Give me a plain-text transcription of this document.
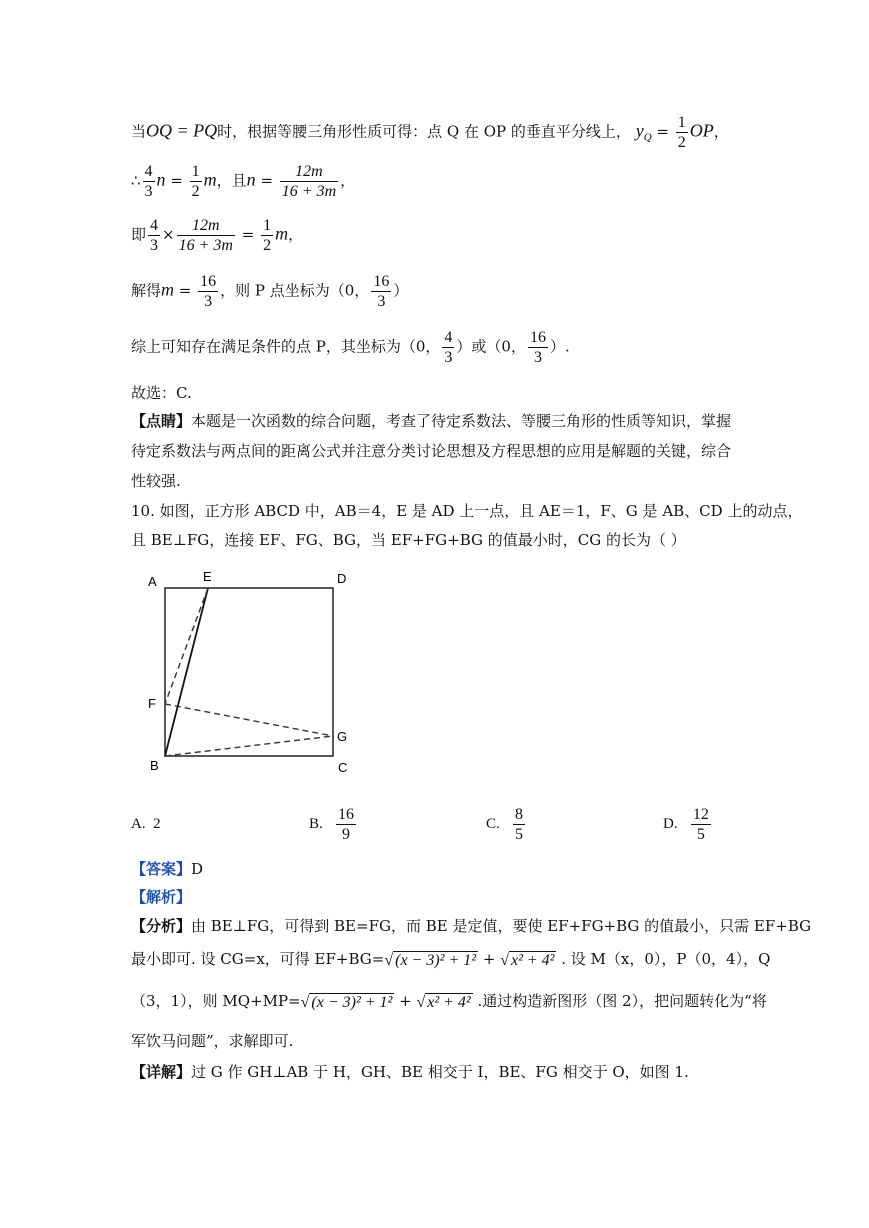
当OQ = PQ时，根据等腰三角形性质可得：点 Q 在 OP 的垂直平分线上， $y_Q = \frac{1}{2}$ OP，
∴ $\frac{4}{3}$ $n = \frac{1}{2}$ m，且$n = \frac{12m}{16 + 3m}$ ，
即 $\frac{4}{3} \times \frac{12m}{16 + 3m} = \frac{1}{2}$ m，
解得$m = \frac{16}{3}$ ，则 P 点坐标为（0， $\frac{16}{3}$ ）
综上可知存在满足条件的点 P，其坐标为（0， $\frac{4}{3}$ ）或（0， $\frac{16}{3}$ ）.
故选：C.
【点睛】本题是一次函数的综合问题，考查了待定系数法、等腰三角形的性质等知识，掌握
待定系数法与两点间的距离公式并注意分类讨论思想及方程思想的应用是解题的关键，综合
性较强.
10. 如图，正方形 ABCD 中，AB＝4，E 是 AD 上一点，且 AE＝1，F、G 是 AB、CD 上的动点，
且 BE⊥FG，连接 EF、FG、BG，当 EF+FG+BG 的值最小时，CG 的长为（ ）
A	E	D
F
G
B	C
A. 2	B. $\frac{16}{9}$	C. $\frac{8}{5}$	D. $\frac{12}{5}$
【答案】D
【解析】
【分析】由 BE⊥FG，可得到 BE=FG，而 BE 是定值，要使 EF+FG+BG 的值最小，只需 EF+BG
最小即可. 设 CG=x，可得 EF+BG=√ (x − 3)² + 1² + √ x² + 4² . 设 M（x，0），P（0，4），Q
（3，1），则 MQ+MP=√ (x − 3)² + 1² + √ x² + 4² .通过构造新图形（图 2），把问题转化为“将
军饮马问题”，求解即可.
【详解】过 G 作 GH⊥AB 于 H，GH、BE 相交于 I，BE、FG 相交于 O，如图 1.
